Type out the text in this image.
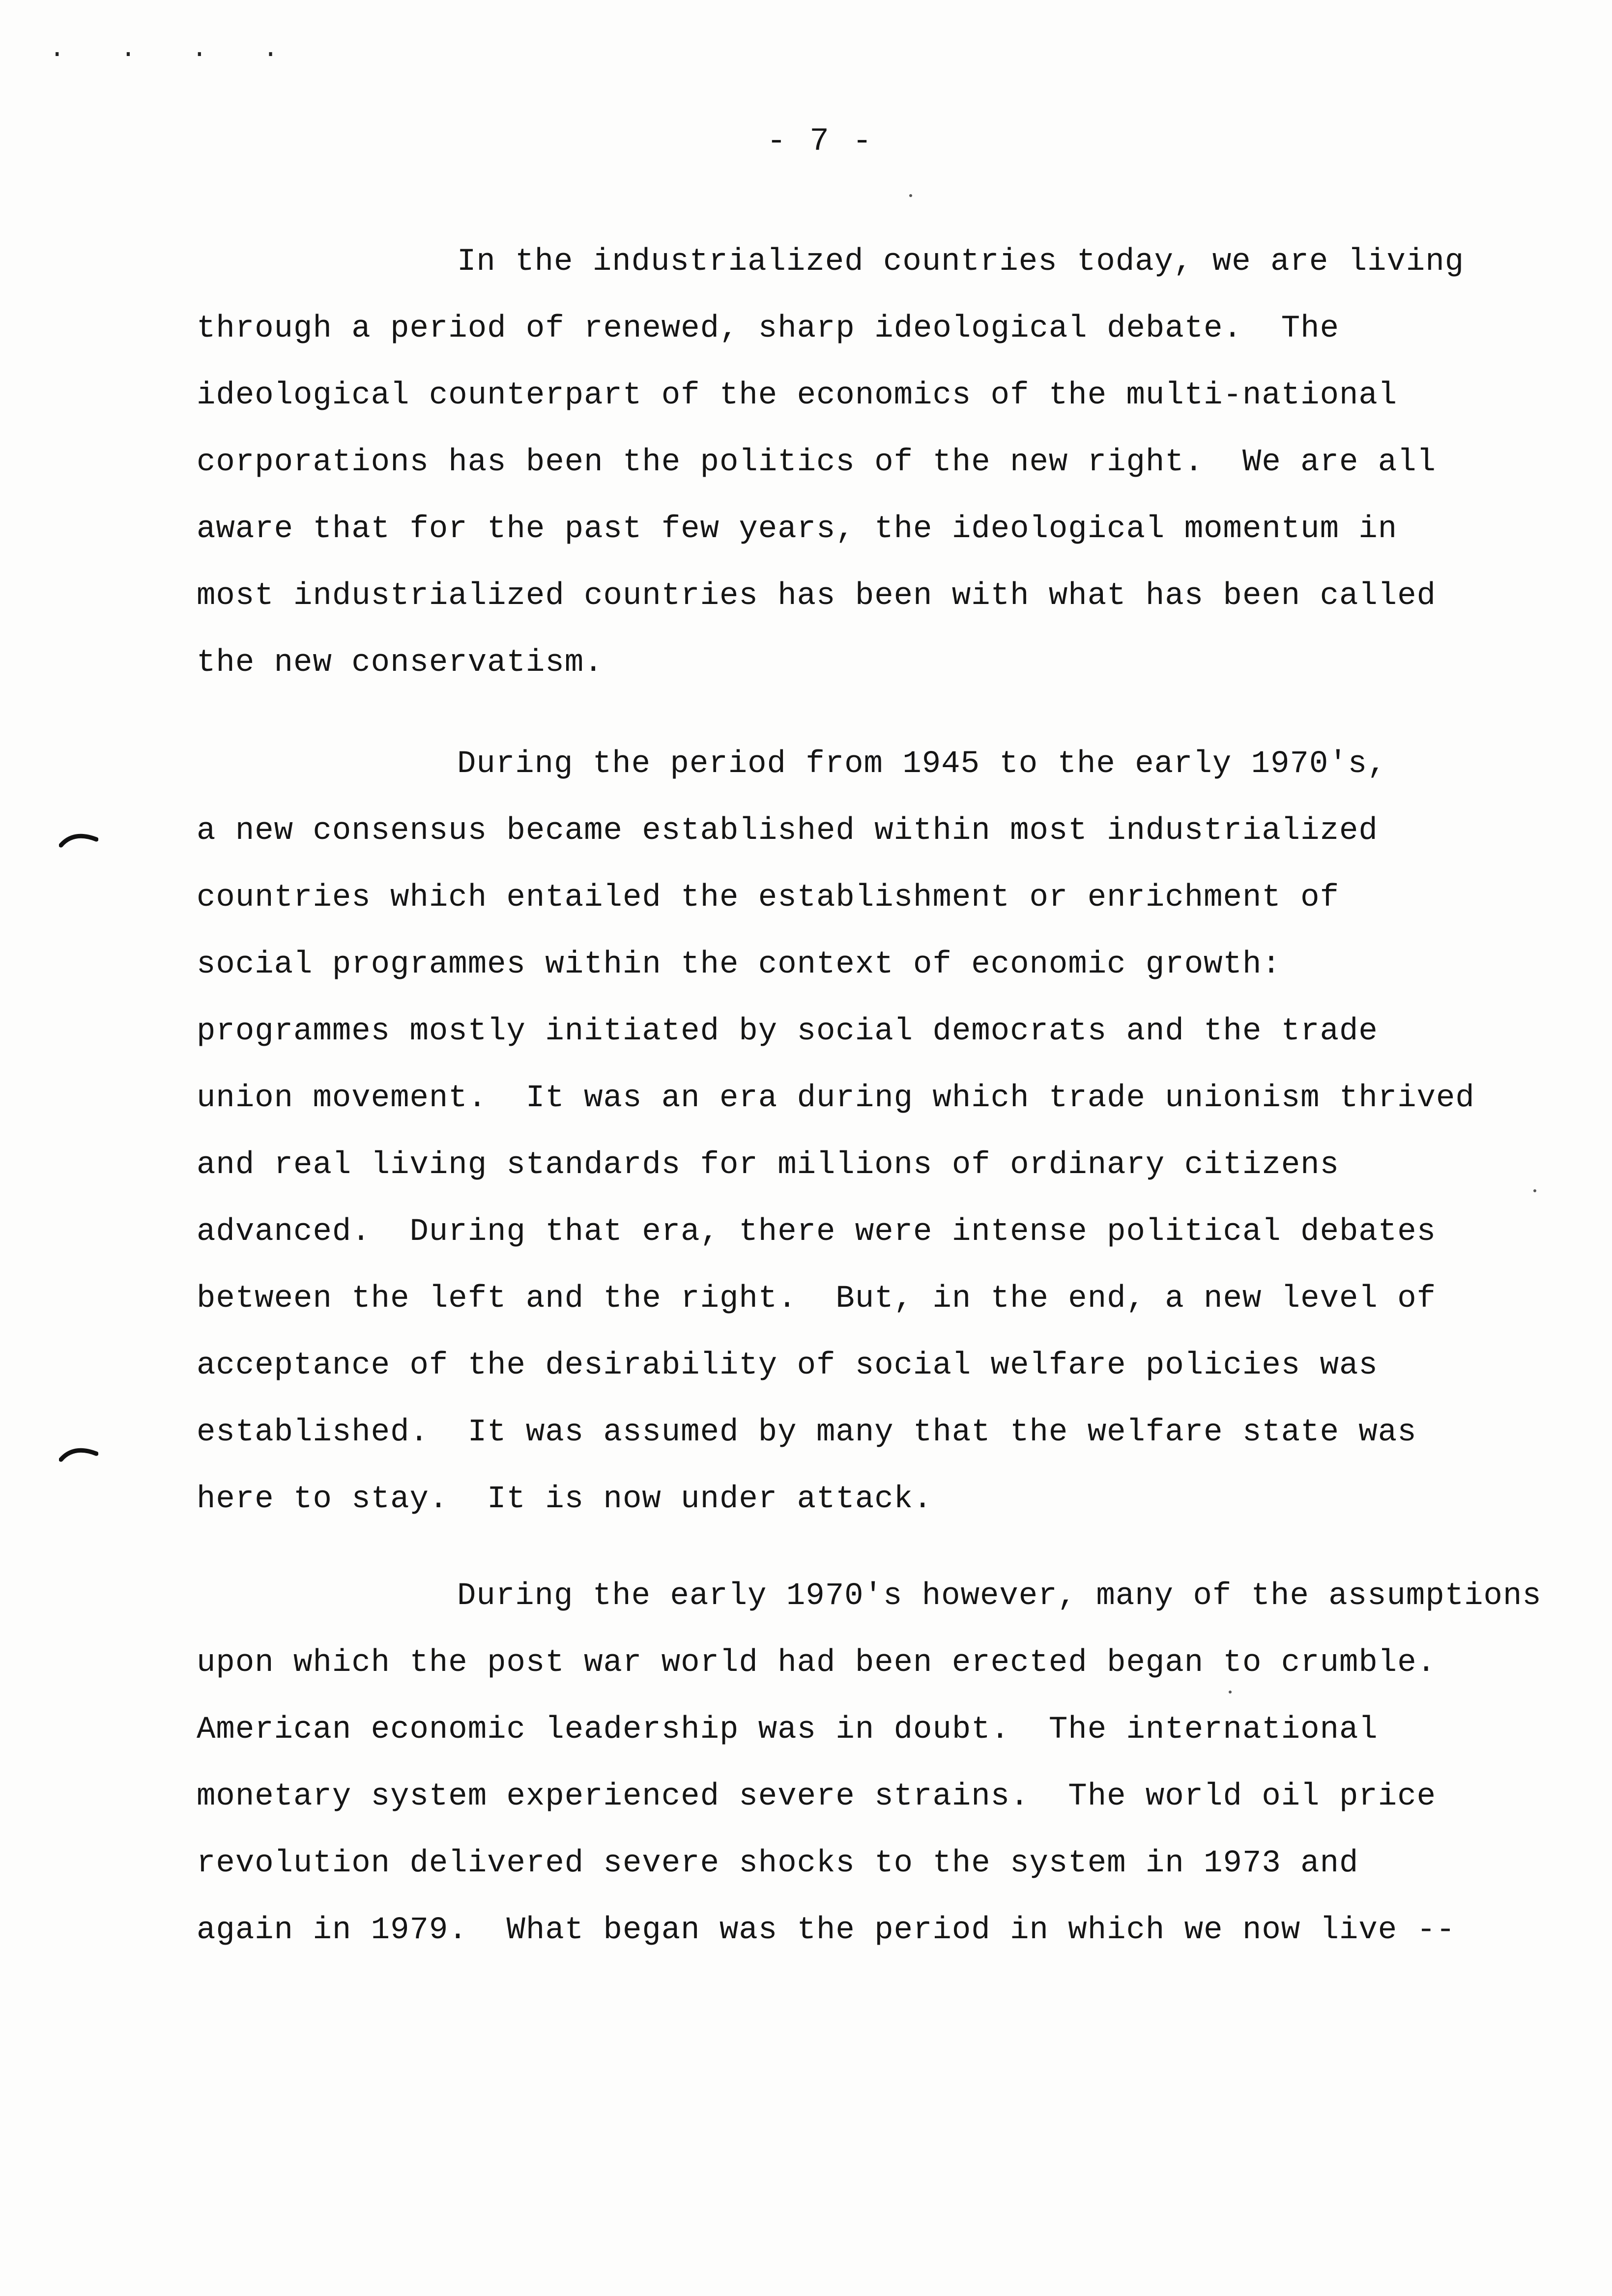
. . . .
- 7 -
In the industrialized countries today, we are living
through a period of renewed, sharp ideological debate.  The
ideological counterpart of the economics of the multi-national
corporations has been the politics of the new right.  We are all
aware that for the past few years, the ideological momentum in
most industrialized countries has been with what has been called
the new conservatism.
During the period from 1945 to the early 1970's,
a new consensus became established within most industrialized
countries which entailed the establishment or enrichment of
social programmes within the context of economic growth:
programmes mostly initiated by social democrats and the trade
union movement.  It was an era during which trade unionism thrived
and real living standards for millions of ordinary citizens
advanced.  During that era, there were intense political debates
between the left and the right.  But, in the end, a new level of
acceptance of the desirability of social welfare policies was
established.  It was assumed by many that the welfare state was
here to stay.  It is now under attack.
During the early 1970's however, many of the assumptions
upon which the post war world had been erected began to crumble.
American economic leadership was in doubt.  The international
monetary system experienced severe strains.  The world oil price
revolution delivered severe shocks to the system in 1973 and
again in 1979.  What began was the period in which we now live --
